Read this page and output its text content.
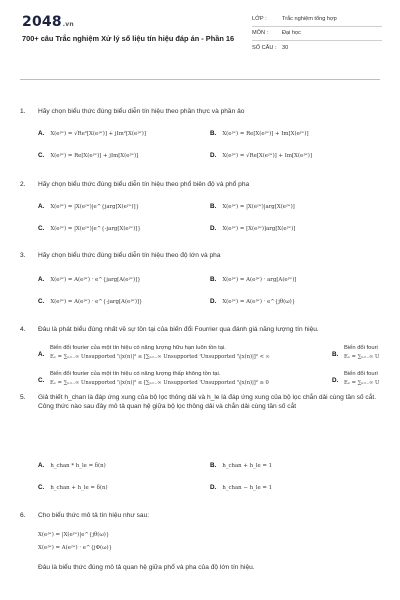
2048.vn
700+ câu Trắc nghiệm Xử lý số liệu tín hiệu đáp án - Phần 16
LỚP :	Trắc nghiệm tổng hợp
MÔN : Đại học
SỐ CÂU : 30
1. Hãy chọn biểu thức đúng biểu diễn tín hiệu theo phần thực và phần ảo
A. X(eʲʷ) = √Re²[X(eʲʷ)] + jIm²[X(eʲʷ)]	B. X(eʲʷ) = Re[X(eʲʷ)] + Im[X(eʲʷ)]
C. X(eʲʷ) = Re[X(eʲʷ)] + jIm[X(eʲʷ)]	D. X(eʲʷ) = √Re[X(eʲʷ)] + Im[X(eʲʷ)]
2. Hãy chọn biểu thức đúng biểu diễn tín hiệu theo phổ biên độ và phổ pha
A. X(eʲʷ) = |X(eʲʷ)|e^{jarg[X(eʲʷ)]}	B. X(eʲʷ) = |X(eʲʷ)|arg[X(eʲʷ)]
C. X(eʲʷ) = |X(eʲʷ)|e^{-jarg[X(eʲʷ)]}	D. X(eʲʷ) = [X(eʲʷ)]arg[X(eʲʷ)]
3. Hãy chọn biểu thức đúng biểu diễn tín hiệu theo độ lớn và pha
A. X(eʲʷ) = A(eʲʷ) · e^{jarg[A(eʲʷ)]}	B. X(eʲʷ) = A(eʲʷ) · arg[A(eʲʷ)]
C. X(eʲʷ) = A(eʲʷ) · e^{-jarg[A(eʲʷ)]}	D. X(eʲʷ) = A(eʲʷ) · e^{jθ(ω)}
4. Đâu là phát biểu đúng nhất về sự tồn tại của biến đổi Fourrier qua đánh giá năng lượng tín hiệu.
A.
Biến đổi fourier của một tín hiệu có năng lượng hữu hạn luôn tồn tại.
Eₓ = ∑ₙ₌₋∞ Unsupported '\|x(n)|² ≤ [∑ₙ₌₋∞ Unsupported 'Unsupported '\|x(n)|]² < ∞	B.
Biến đổi fouri
Eₓ = ∑ₙ₌₋∞ U
C.
Biến đổi fourier của một tín hiệu có năng lượng thấp không tồn tại.
Eₓ = ∑ₙ₌₋∞ Unsupported '\|x(n)|² ≤ [∑ₙ₌₋∞ Unsupported 'Unsupported '\|x(n)|]² ≥ 0	D.
Biến đổi fouri
Eₓ = ∑ₙ₌₋∞ U
5. Giả thiết h_chan là đáp ứng xung của bộ lọc thông dải và h_le là đáp ứng xung của bộ lọc chắn dải cùng tần số cắt. Công thức nào sau đây mô tả quan hệ giữa bộ lọc thông dải và chắn dải cùng tần số cắt
A. h_chan * h_le = δ(n)	B. h_chan + h_le = 1
C. h_chan + h_le = δ(n)	D. h_chan − h_le = 1
6. Cho biểu thức mô tả tín hiệu như sau:
X(eʲʷ) = |X(eʲʷ)|e^{jθ(ω)}
X(eʲʷ) = A(eʲʷ) · e^{jΦ(ω)}
Đâu là biểu thức đúng mô tả quan hệ giữa phổ và pha của độ lớn tín hiệu.
